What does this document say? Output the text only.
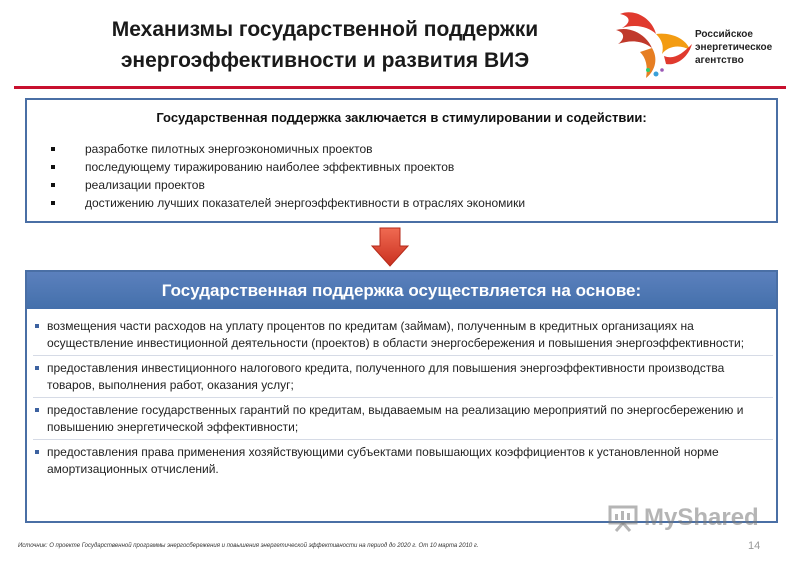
Механизмы государственной поддержки
энергоэффективности и развития ВИЭ
Российское
энергетическое
агентство
Государственная поддержка заключается в стимулировании и содействии:
разработке пилотных энергоэкономичных проектов
последующему тиражированию наиболее эффективных проектов
реализации проектов
достижению лучших показателей энергоэффективности в отраслях экономики
Государственная поддержка осуществляется на основе:
возмещения части расходов на уплату процентов по кредитам (займам), полученным в кредитных организациях на осуществление инвестиционной деятельности (проектов) в области энергосбережения и повышения энергоэффективности;
предоставления инвестиционного налогового кредита, полученного для повышения энергоэффективности производства товаров, выполнения работ, оказания услуг;
предоставление государственных гарантий по кредитам, выдаваемым на реализацию мероприятий по энергосбережению и повышению энергетической эффективности;
предоставления права применения хозяйствующими субъектами повышающих коэффициентов к установленной норме амортизационных отчислений.
MyShared
Источник: О проекте Государственной программы энергосбережения и повышения энергетической эффективности на период до 2020 г. От 10 марта 2010 г.	14
